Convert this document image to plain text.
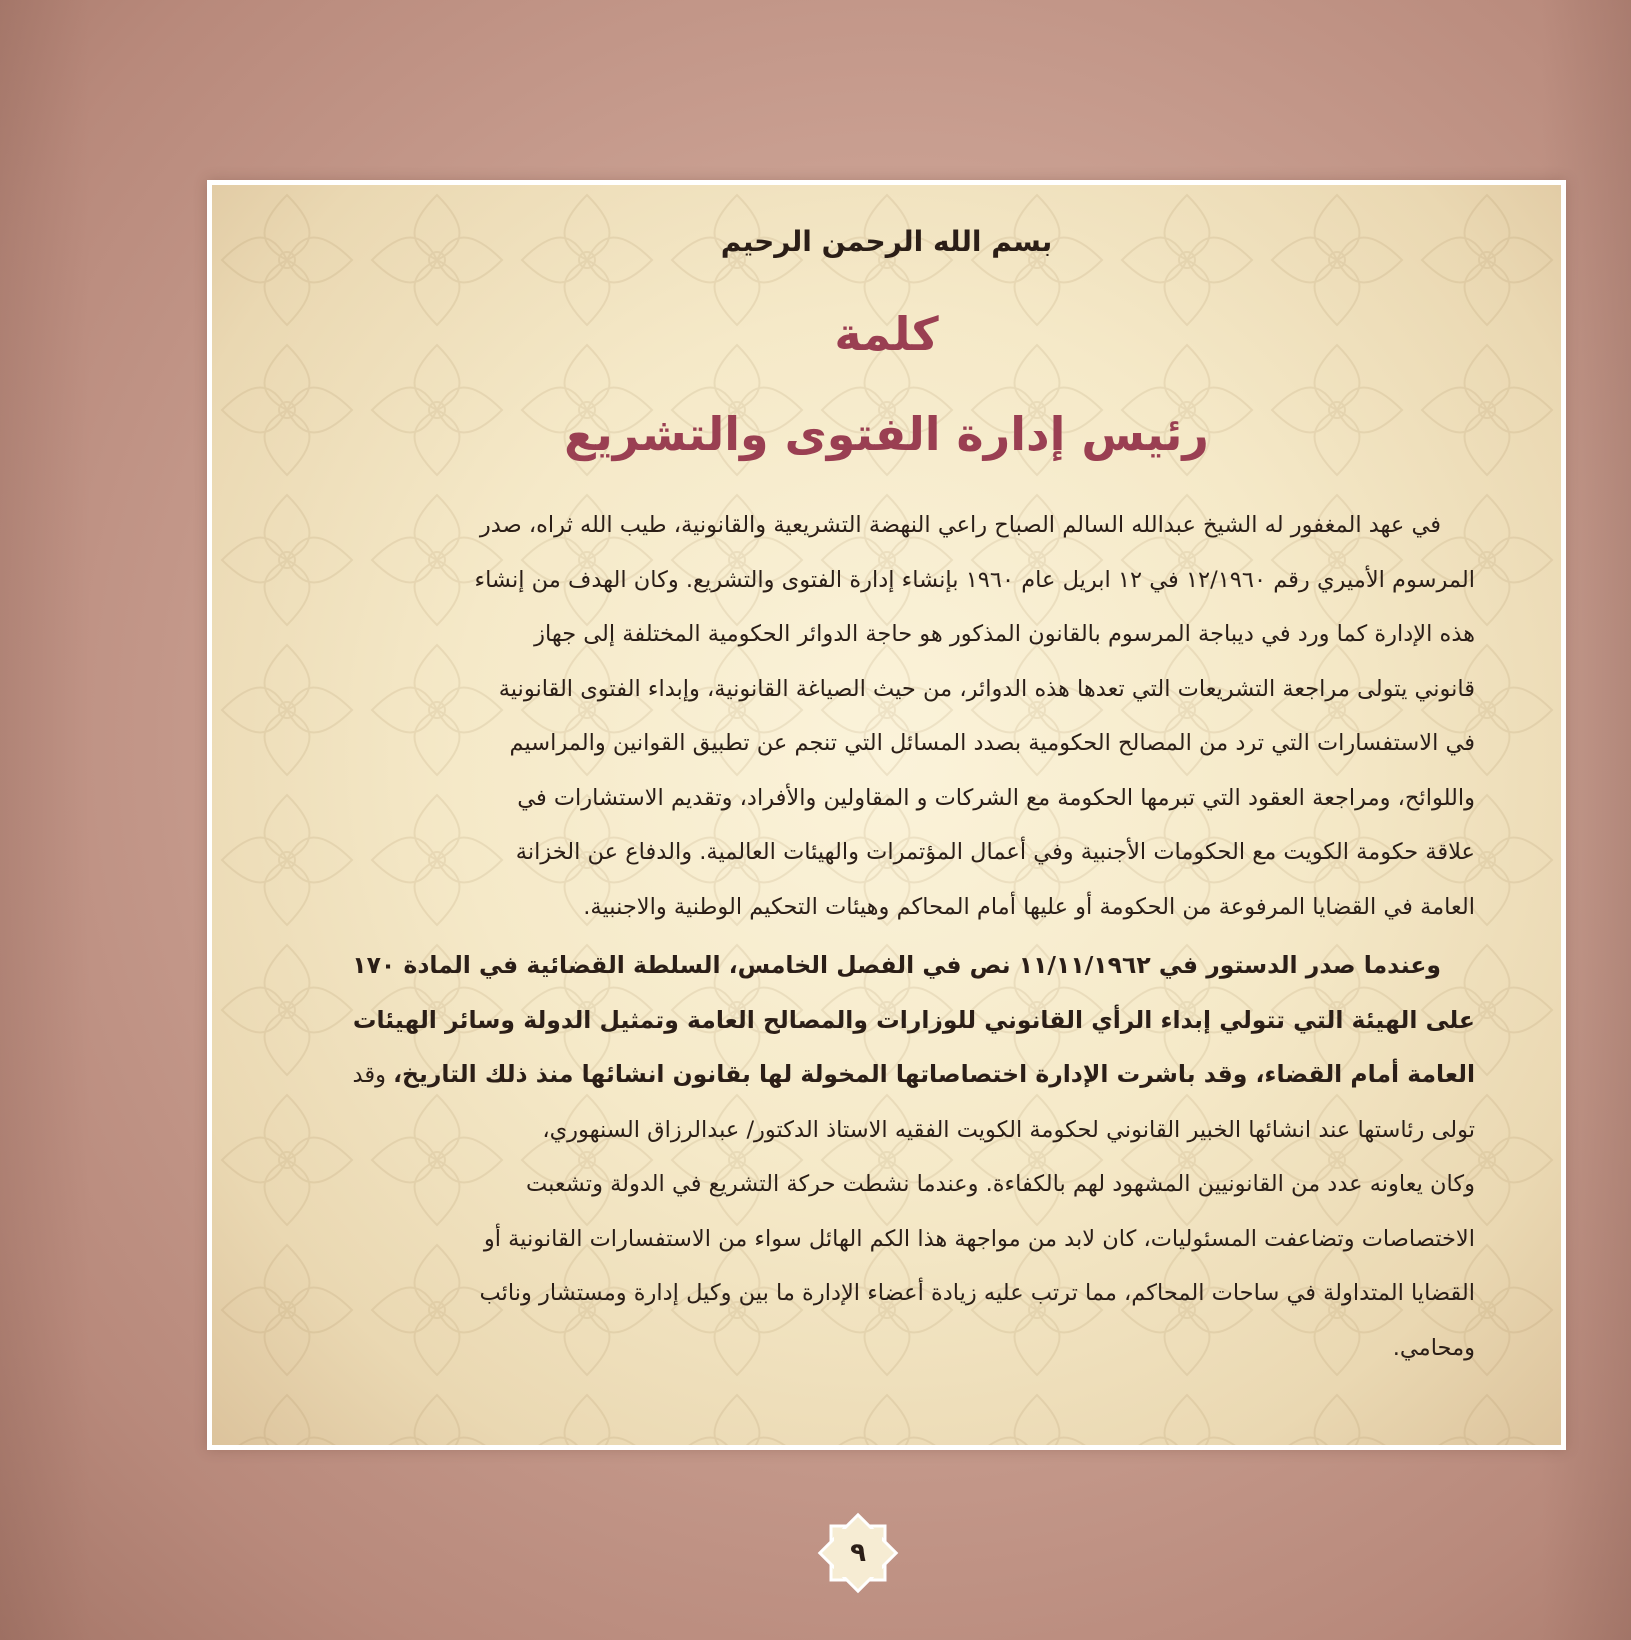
بسم الله الرحمن الرحيم
كلمة
رئيس إدارة الفتوى والتشريع

في عهد المغفور له الشيخ عبدالله السالم الصباح راعي النهضة التشريعية والقانونية، طيب الله ثراه، صدر
المرسوم الأميري رقم ١٢/١٩٦٠ في ١٢ ابريل عام ١٩٦٠ بإنشاء إدارة الفتوى والتشريع. وكان الهدف من إنشاء
هذه الإدارة كما ورد في ديباجة المرسوم بالقانون المذكور هو حاجة الدوائر الحكومية المختلفة إلى جهاز
قانوني يتولى مراجعة التشريعات التي تعدها هذه الدوائر، من حيث الصياغة القانونية، وإبداء الفتوى القانونية
في الاستفسارات التي ترد من المصالح الحكومية بصدد المسائل التي تنجم عن تطبيق القوانين والمراسيم
واللوائح، ومراجعة العقود التي تبرمها الحكومة مع الشركات و المقاولين والأفراد، وتقديم الاستشارات في
علاقة حكومة الكويت مع الحكومات الأجنبية وفي أعمال المؤتمرات والهيئات العالمية. والدفاع عن الخزانة
العامة في القضايا المرفوعة من الحكومة أو عليها أمام المحاكم وهيئات التحكيم الوطنية والاجنبية.

وعندما صدر الدستور في ١١/١١/١٩٦٢ نص في الفصل الخامس، السلطة القضائية في المادة ١٧٠
على الهيئة التي تتولي إبداء الرأي القانوني للوزارات والمصالح العامة وتمثيل الدولة وسائر الهيئات
العامة أمام القضاء، وقد باشرت الإدارة اختصاصاتها المخولة لها بقانون انشائها منذ ذلك التاريخ، وقد
تولى رئاستها عند انشائها الخبير القانوني لحكومة الكويت الفقيه الاستاذ الدكتور/ عبدالرزاق السنهوري،
وكان يعاونه عدد من القانونيين المشهود لهم بالكفاءة. وعندما نشطت حركة التشريع في الدولة وتشعبت
الاختصاصات وتضاعفت المسئوليات، كان لابد من مواجهة هذا الكم الهائل سواء من الاستفسارات القانونية أو
القضايا المتداولة في ساحات المحاكم، مما ترتب عليه زيادة أعضاء الإدارة ما بين وكيل إدارة ومستشار ونائب
ومحامي.

٩
